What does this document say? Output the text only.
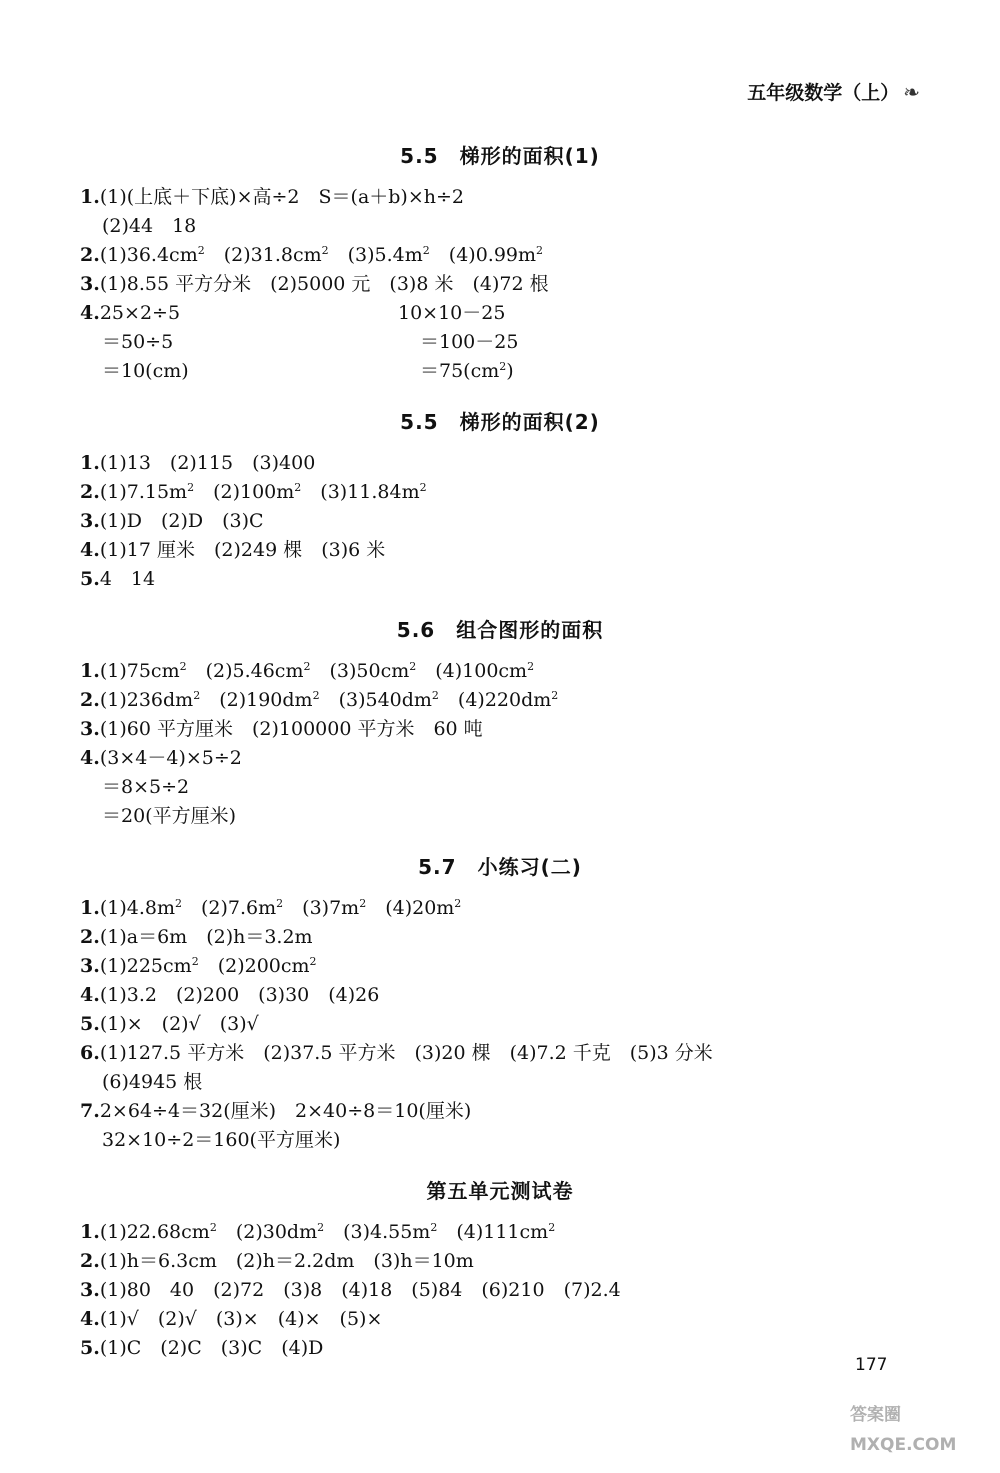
五年级数学（上） ❧
5.5　梯形的面积(1)
1.(1)(上底＋下底)×高÷2　S＝(a＋b)×h÷2
(2)44　18
$2.(1)36.4cm^2$　$(2)31.8cm^2$　$(3)5.4m^2$　$(4)0.99m^2$
3.(1)8.55 平方分米　(2)5000 元　(3)8 米　(4)72 根
4.25×2÷5	10×10－25
＝50÷5	＝100－25
＝10(cm)	$=75(cm^2)$
5.5　梯形的面积(2)
1.(1)13　(2)115　(3)400
$2.(1)7.15m^2$　$(2)100m^2$　$(3)11.84m^2$
3.(1)D　(2)D　(3)C
4.(1)17 厘米　(2)249 棵　(3)6 米
5.4　14
5.6　组合图形的面积
$1.(1)75cm^2$　$(2)5.46cm^2$　$(3)50cm^2$　$(4)100cm^2$
$2.(1)236dm^2$　$(2)190dm^2$　$(3)540dm^2$　$(4)220dm^2$
3.(1)60 平方厘米　(2)100000 平方米　60 吨
4.(3×4－4)×5÷2
＝8×5÷2
＝20(平方厘米)
5.7　小练习(二)
$1.(1)4.8m^2$　$(2)7.6m^2$　$(3)7m^2$　$(4)20m^2$
2.(1)a＝6m　(2)h＝3.2m
$3.(1)225cm^2$　$(2)200cm^2$
4.(1)3.2　(2)200　(3)30　(4)26
5.(1)×　(2)√　(3)√
6.(1)127.5 平方米　(2)37.5 平方米　(3)20 棵　(4)7.2 千克　(5)3 分米
(6)4945 根
7.2×64÷4＝32(厘米)　2×40÷8＝10(厘米)
32×10÷2＝160(平方厘米)
第五单元测试卷
$1.(1)22.68cm^2$　$(2)30dm^2$　$(3)4.55m^2$　$(4)111cm^2$
2.(1)h＝6.3cm　(2)h＝2.2dm　(3)h＝10m
3.(1)80　40　(2)72　(3)8　(4)18　(5)84　(6)210　(7)2.4
4.(1)√　(2)√　(3)×　(4)×　(5)×
5.(1)C　(2)C　(3)C　(4)D
177
答案圈
MXQE.COM
